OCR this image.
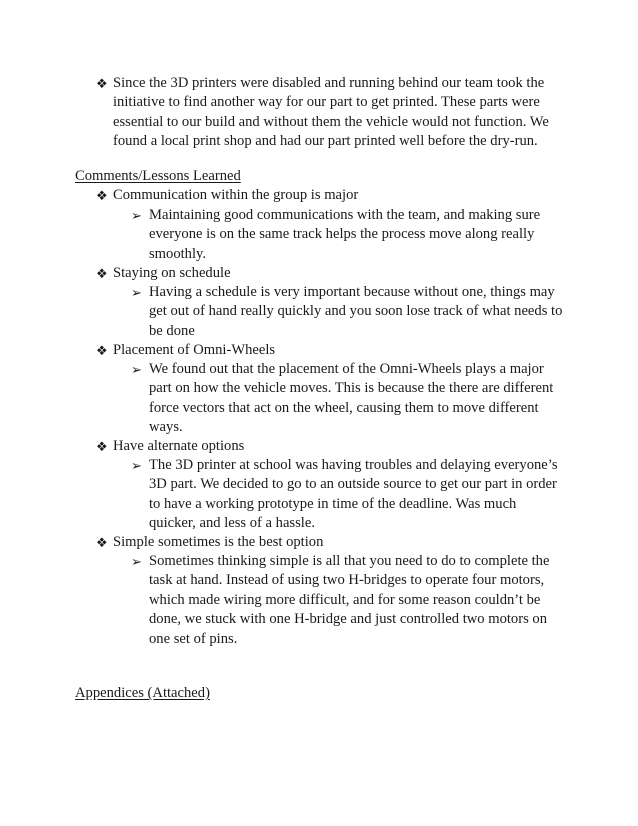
❖ Since the 3D printers were disabled and running behind our team took the initiative to find another way for our part to get printed. These parts were essential to our build and without them the vehicle would not function. We found a local print shop and had our part printed well before the dry-run.
Comments/Lessons Learned
❖ Communication within the group is major
➢ Maintaining good communications with the team, and making sure everyone is on the same track helps the process move along really smoothly.
❖ Staying on schedule
➢ Having a schedule is very important because without one, things may get out of hand really quickly and you soon lose track of what needs to be done
❖ Placement of Omni-Wheels
➢ We found out that the placement of the Omni-Wheels plays a major part on how the vehicle moves. This is because the there are different force vectors that act on the wheel, causing them to move different ways.
❖ Have alternate options
➢ The 3D printer at school was having troubles and delaying everyone’s 3D part. We decided to go to an outside source to get our part in order to have a working prototype in time of the deadline. Was much quicker, and less of a hassle.
❖ Simple sometimes is the best option
➢ Sometimes thinking simple is all that you need to do to complete the task at hand. Instead of using two H-bridges to operate four motors, which made wiring more difficult, and for some reason couldn’t be done, we stuck with one H-bridge and just controlled two motors on one set of pins.
Appendices (Attached)
